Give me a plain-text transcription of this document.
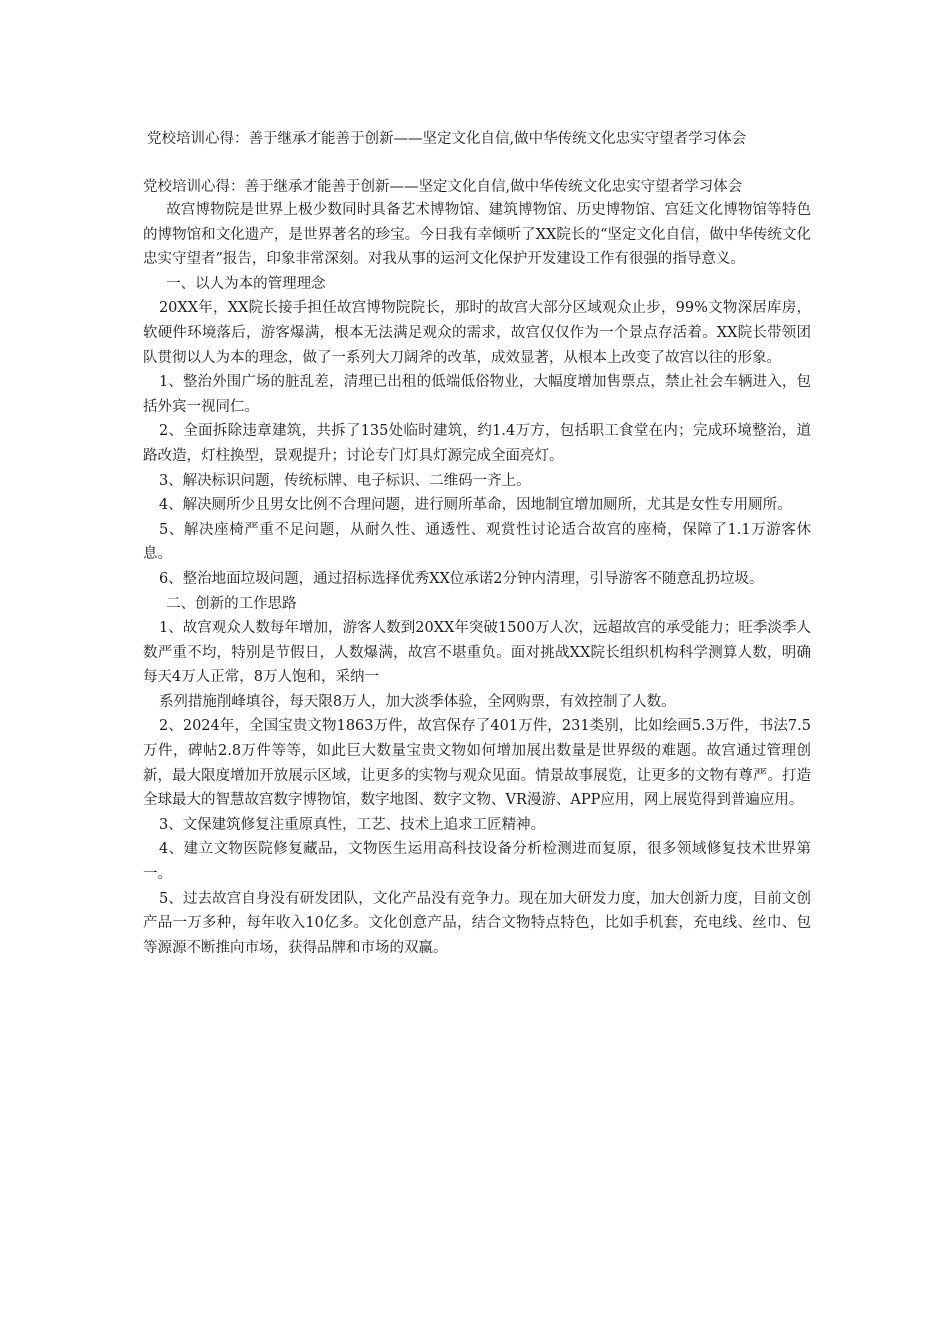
党校培训心得：善于继承才能善于创新——坚定文化自信,做中华传统文化忠实守望者学习体会

党校培训心得：善于继承才能善于创新——坚定文化自信,做中华传统文化忠实守望者学习体会

故宫博物院是世界上极少数同时具备艺术博物馆、建筑博物馆、历史博物馆、宫廷文化博物馆等特色的博物馆和文化遗产，是世界著名的珍宝。今日我有幸倾听了XX院长的“坚定文化自信，做中华传统文化忠实守望者”报告，印象非常深刻。对我从事的运河文化保护开发建设工作有很强的指导意义。

一、以人为本的管理理念

20XX年，XX院长接手担任故宫博物院院长，那时的故宫大部分区域观众止步，99%文物深居库房，软硬件环境落后，游客爆满，根本无法满足观众的需求，故宫仅仅作为一个景点存活着。XX院长带领团队贯彻以人为本的理念，做了一系列大刀阔斧的改革，成效显著，从根本上改变了故宫以往的形象。

1、整治外围广场的脏乱差，清理已出租的低端低俗物业，大幅度增加售票点，禁止社会车辆进入，包括外宾一视同仁。

2、全面拆除违章建筑，共拆了135处临时建筑，约1.4万方，包括职工食堂在内；完成环境整治，道路改造，灯柱换型，景观提升；讨论专门灯具灯源完成全面亮灯。

3、解决标识问题，传统标牌、电子标识、二维码一齐上。

4、解决厕所少且男女比例不合理问题，进行厕所革命，因地制宜增加厕所，尤其是女性专用厕所。

5、解决座椅严重不足问题，从耐久性、通透性、观赏性讨论适合故宫的座椅，保障了1.1万游客休息。

6、整治地面垃圾问题，通过招标选择优秀XX位承诺2分钟内清理，引导游客不随意乱扔垃圾。

二、创新的工作思路

1、故宫观众人数每年增加，游客人数到20XX年突破1500万人次，远超故宫的承受能力；旺季淡季人数严重不均，特别是节假日，人数爆满，故宫不堪重负。面对挑战XX院长组织机构科学测算人数，明确每天4万人正常，8万人饱和，采纳一

系列措施削峰填谷，每天限8万人，加大淡季体验，全网购票，有效控制了人数。

2、2024年，全国宝贵文物1863万件，故宫保存了401万件，231类别，比如绘画5.3万件，书法7.5万件，碑帖2.8万件等等，如此巨大数量宝贵文物如何增加展出数量是世界级的难题。故宫通过管理创新，最大限度增加开放展示区域，让更多的实物与观众见面。情景故事展览，让更多的文物有尊严。打造全球最大的智慧故宫数字博物馆，数字地图、数字文物、VR漫游、APP应用，网上展览得到普遍应用。

3、文保建筑修复注重原真性，工艺、技术上追求工匠精神。

4、建立文物医院修复藏品，文物医生运用高科技设备分析检测进而复原，很多领域修复技术世界第一。

5、过去故宫自身没有研发团队，文化产品没有竞争力。现在加大研发力度，加大创新力度，目前文创产品一万多种，每年收入10亿多。文化创意产品，结合文物特点特色，比如手机套，充电线、丝巾、包等源源不断推向市场，获得品牌和市场的双赢。
